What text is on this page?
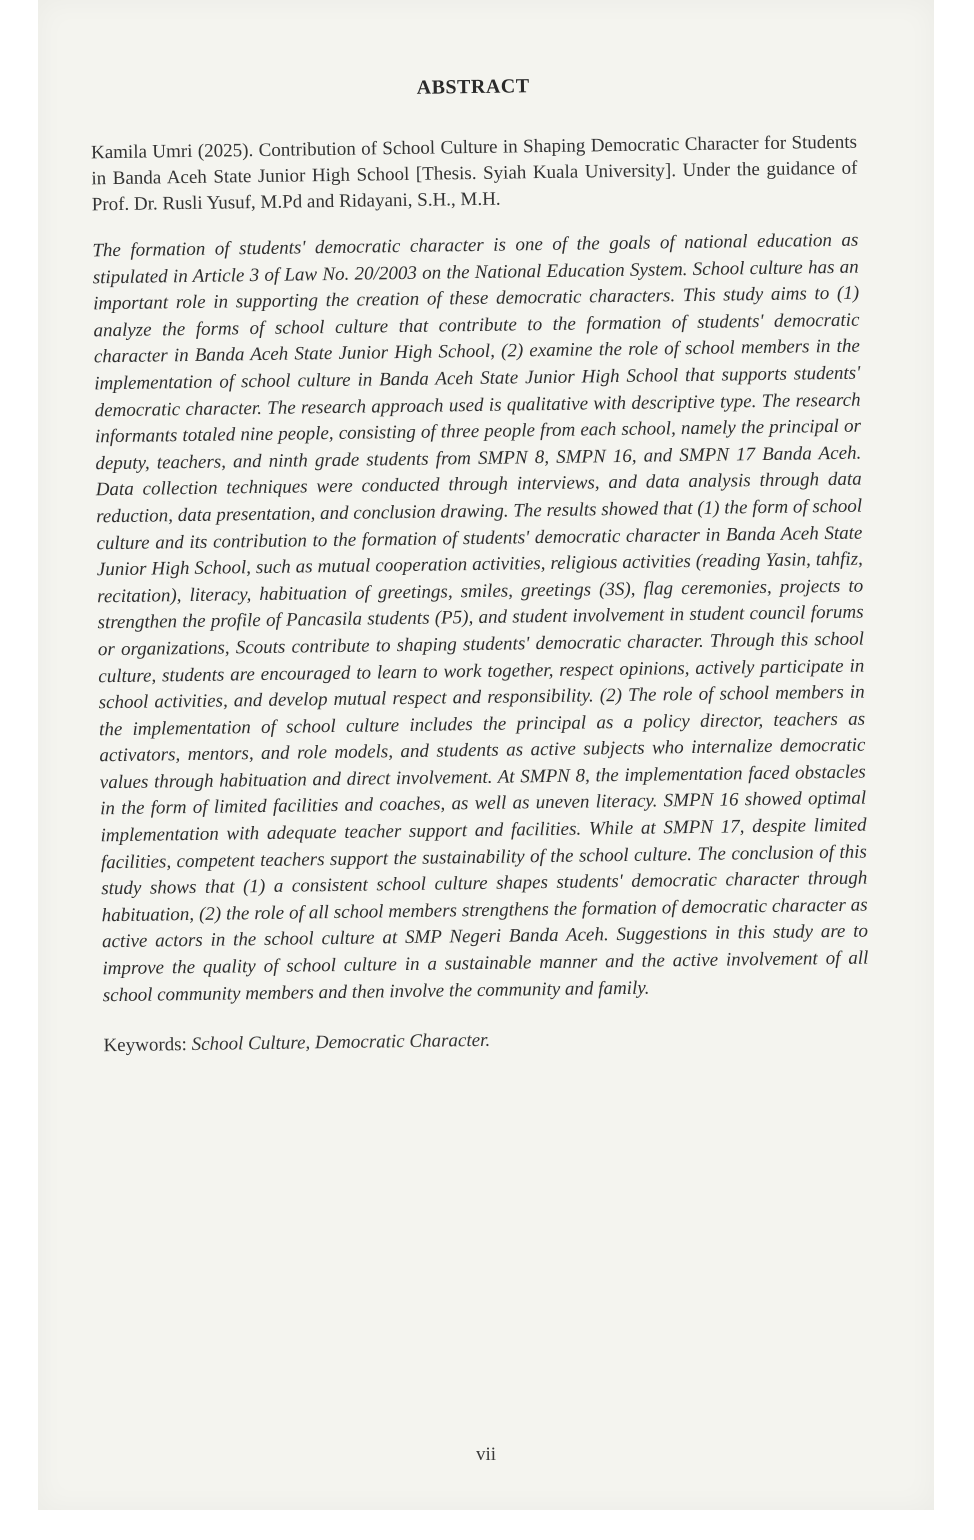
ABSTRACT

Kamila Umri (2025). Contribution of School Culture in Shaping Democratic Character for Students in Banda Aceh State Junior High School [Thesis. Syiah Kuala University]. Under the guidance of Prof. Dr. Rusli Yusuf, M.Pd and Ridayani, S.H., M.H.

The formation of students' democratic character is one of the goals of national education as stipulated in Article 3 of Law No. 20/2003 on the National Education System. School culture has an important role in supporting the creation of these democratic characters. This study aims to (1) analyze the forms of school culture that contribute to the formation of students' democratic character in Banda Aceh State Junior High School, (2) examine the role of school members in the implementation of school culture in Banda Aceh State Junior High School that supports students' democratic character. The research approach used is qualitative with descriptive type. The research informants totaled nine people, consisting of three people from each school, namely the principal or deputy, teachers, and ninth grade students from SMPN 8, SMPN 16, and SMPN 17 Banda Aceh. Data collection techniques were conducted through interviews, and data analysis through data reduction, data presentation, and conclusion drawing. The results showed that (1) the form of school culture and its contribution to the formation of students' democratic character in Banda Aceh State Junior High School, such as mutual cooperation activities, religious activities (reading Yasin, tahfiz, recitation), literacy, habituation of greetings, smiles, greetings (3S), flag ceremonies, projects to strengthen the profile of Pancasila students (P5), and student involvement in student council forums or organizations, Scouts contribute to shaping students' democratic character. Through this school culture, students are encouraged to learn to work together, respect opinions, actively participate in school activities, and develop mutual respect and responsibility. (2) The role of school members in the implementation of school culture includes the principal as a policy director, teachers as activators, mentors, and role models, and students as active subjects who internalize democratic values through habituation and direct involvement. At SMPN 8, the implementation faced obstacles in the form of limited facilities and coaches, as well as uneven literacy. SMPN 16 showed optimal implementation with adequate teacher support and facilities. While at SMPN 17, despite limited facilities, competent teachers support the sustainability of the school culture. The conclusion of this study shows that (1) a consistent school culture shapes students' democratic character through habituation, (2) the role of all school members strengthens the formation of democratic character as active actors in the school culture at SMP Negeri Banda Aceh. Suggestions in this study are to improve the quality of school culture in a sustainable manner and the active involvement of all school community members and then involve the community and family.

Keywords: School Culture, Democratic Character.

vii
